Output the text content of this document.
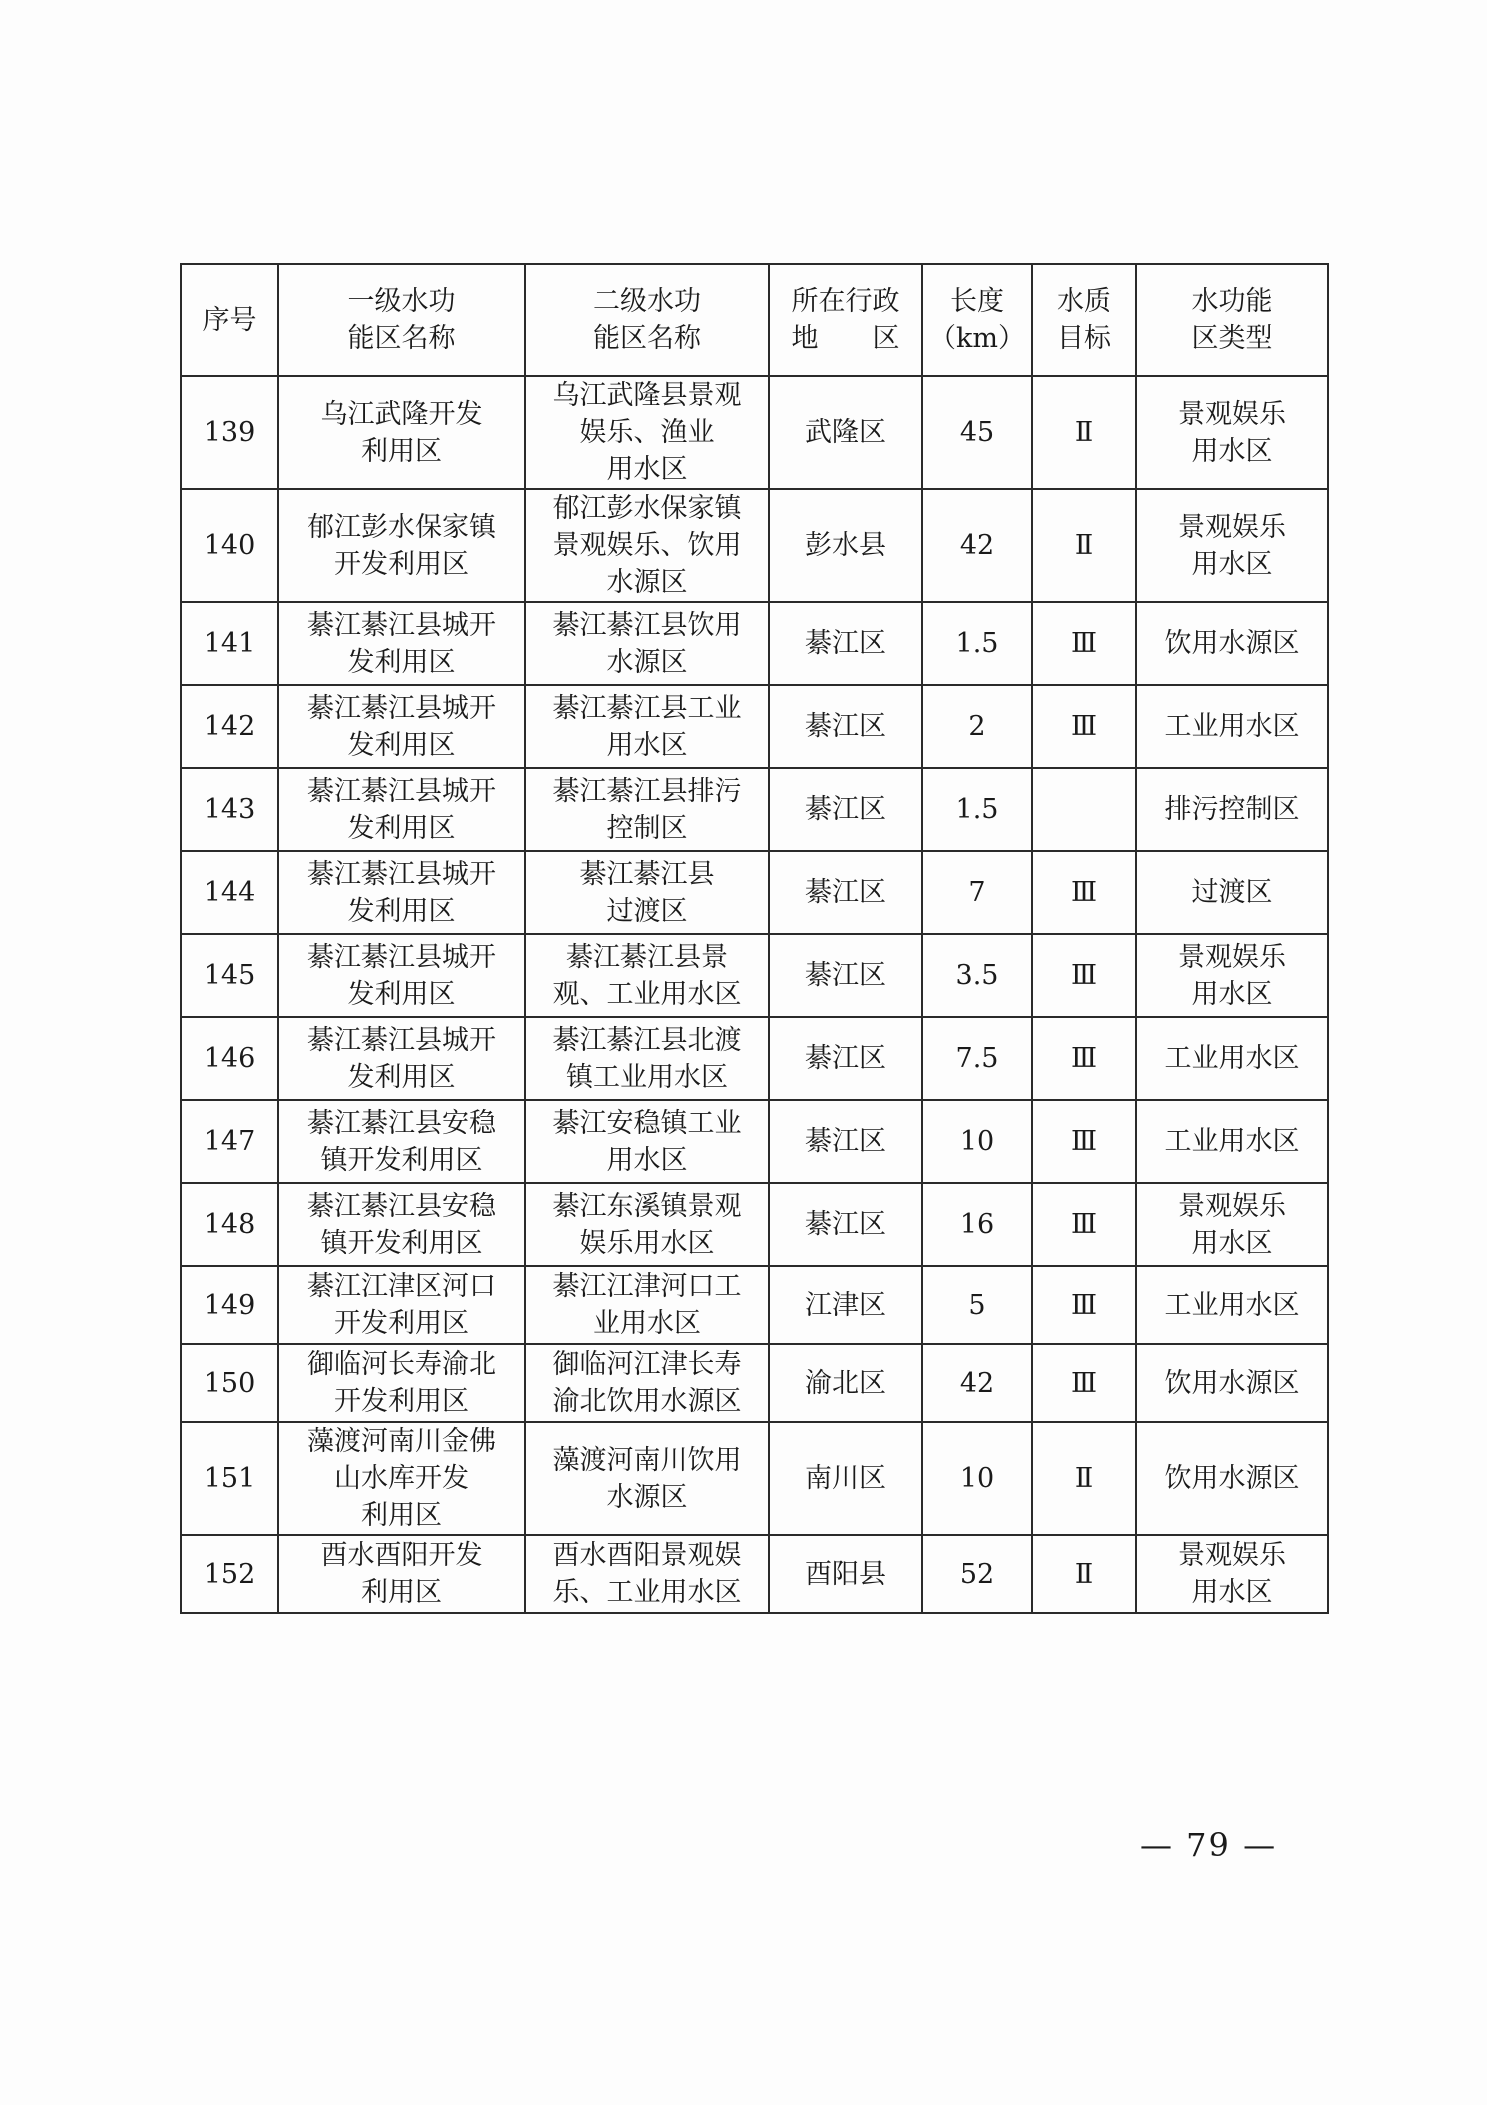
序号	一级水功
能区名称	二级水功
能区名称	所在行政
地　　区	长度
（km）	水质
目标	水功能
区类型
139	乌江武隆开发
利用区	乌江武隆县景观
娱乐、渔业
用水区	武隆区	45	Ⅱ	景观娱乐
用水区
140	郁江彭水保家镇
开发利用区	郁江彭水保家镇
景观娱乐、饮用
水源区	彭水县	42	Ⅱ	景观娱乐
用水区
141	綦江綦江县城开
发利用区	綦江綦江县饮用
水源区	綦江区	1.5	Ⅲ	饮用水源区
142	綦江綦江县城开
发利用区	綦江綦江县工业
用水区	綦江区	2	Ⅲ	工业用水区
143	綦江綦江县城开
发利用区	綦江綦江县排污
控制区	綦江区	1.5		排污控制区
144	綦江綦江县城开
发利用区	綦江綦江县
过渡区	綦江区	7	Ⅲ	过渡区
145	綦江綦江县城开
发利用区	綦江綦江县景
观、工业用水区	綦江区	3.5	Ⅲ	景观娱乐
用水区
146	綦江綦江县城开
发利用区	綦江綦江县北渡
镇工业用水区	綦江区	7.5	Ⅲ	工业用水区
147	綦江綦江县安稳
镇开发利用区	綦江安稳镇工业
用水区	綦江区	10	Ⅲ	工业用水区
148	綦江綦江县安稳
镇开发利用区	綦江东溪镇景观
娱乐用水区	綦江区	16	Ⅲ	景观娱乐
用水区
149	綦江江津区河口
开发利用区	綦江江津河口工
业用水区	江津区	5	Ⅲ	工业用水区
150	御临河长寿渝北
开发利用区	御临河江津长寿
渝北饮用水源区	渝北区	42	Ⅲ	饮用水源区
151	藻渡河南川金佛
山水库开发
利用区	藻渡河南川饮用
水源区	南川区	10	Ⅱ	饮用水源区
152	酉水酉阳开发
利用区	酉水酉阳景观娱
乐、工业用水区	酉阳县	52	Ⅱ	景观娱乐
用水区
— 79 —
